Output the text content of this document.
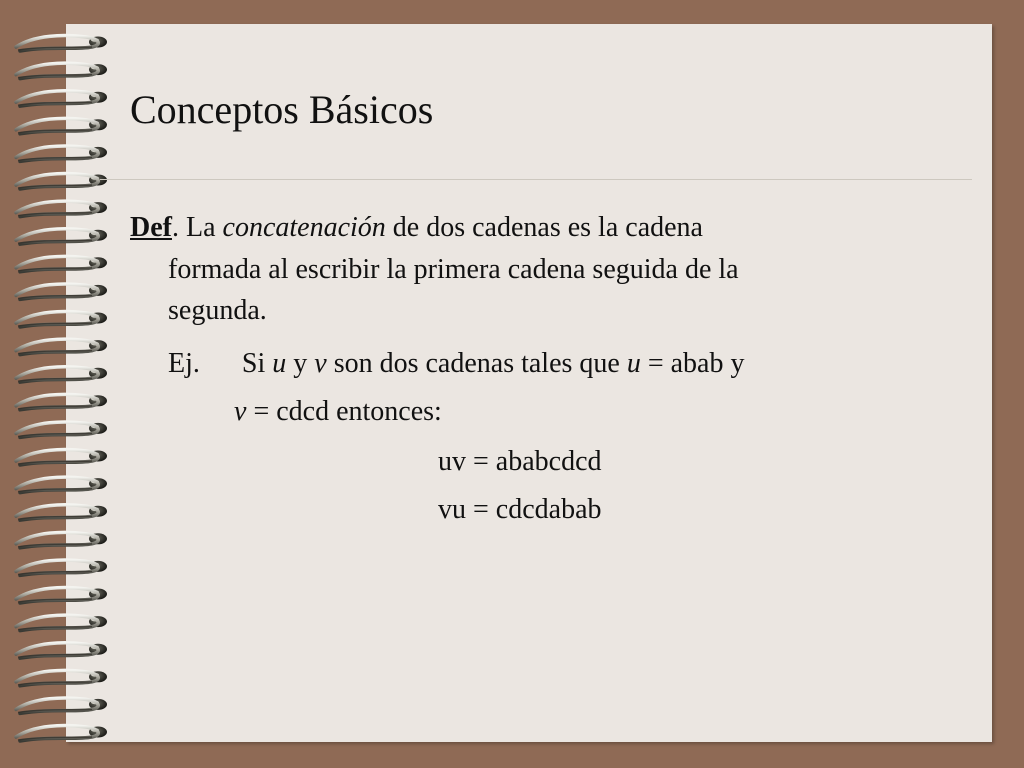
Conceptos Básicos

Def. La concatenación de dos cadenas es la cadena

formada al escribir la primera cadena seguida de la

segunda.

Ej. Si u y v son dos cadenas tales que u = abab y

v = cdcd entonces:

uv = ababcdcd

vu = cdcdabab
